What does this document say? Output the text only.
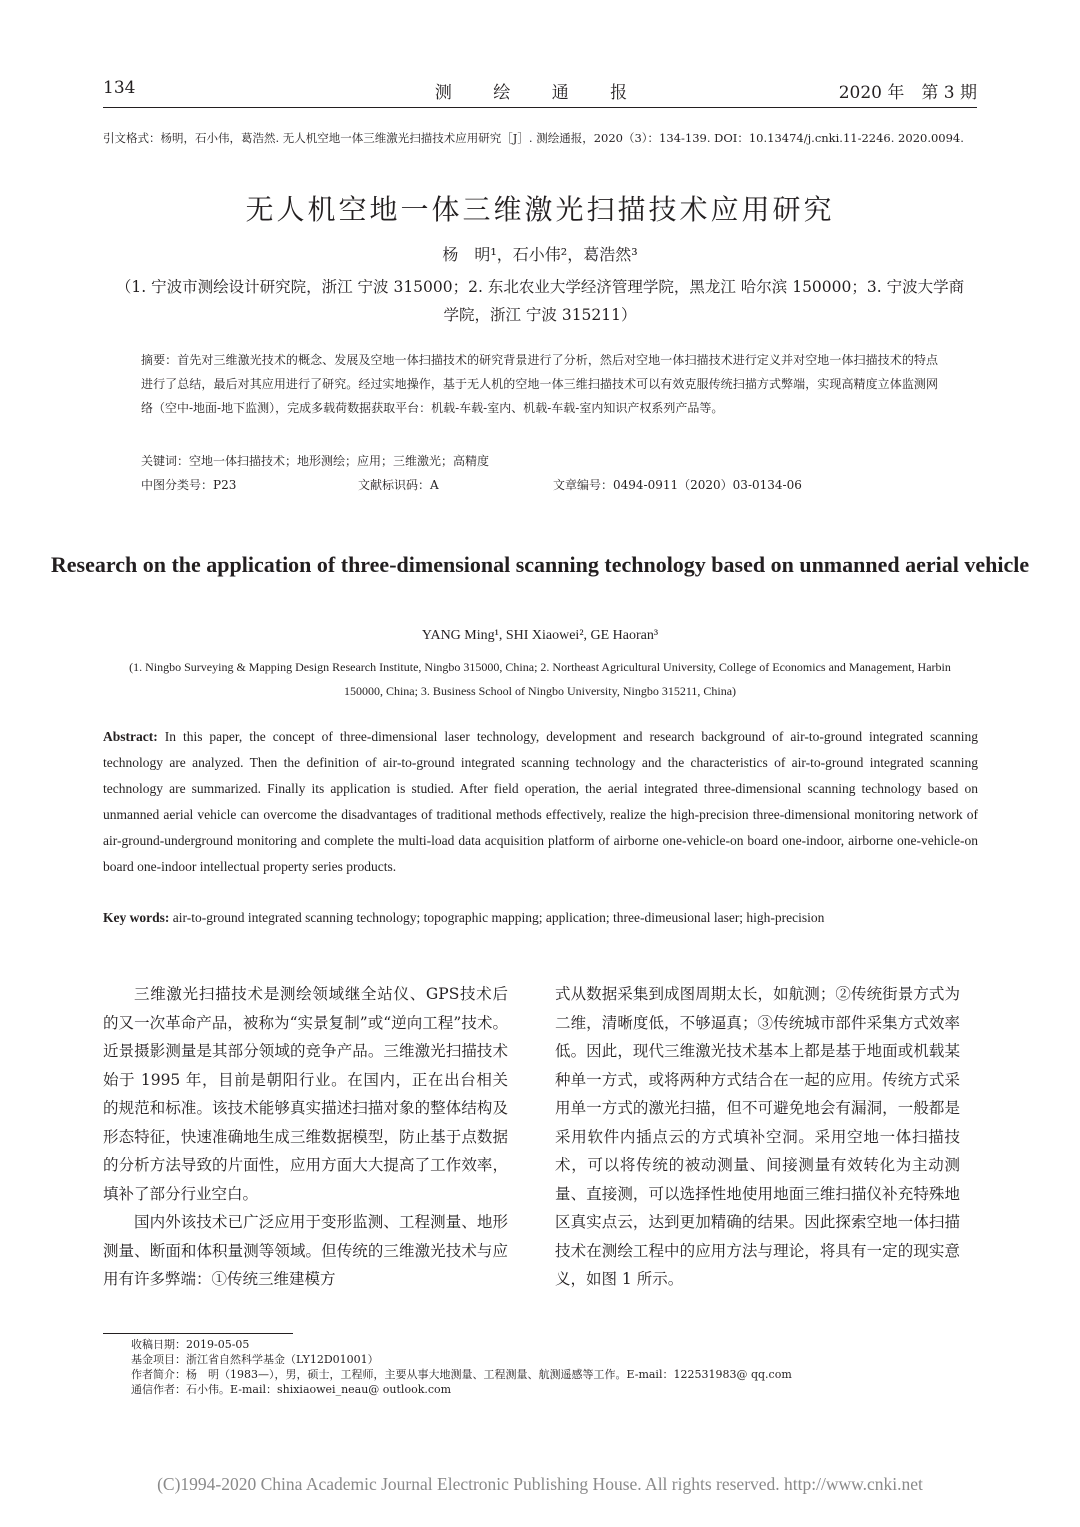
134	测 绘 通 报	2020 年　第 3 期
引文格式：杨明，石小伟，葛浩然. 无人机空地一体三维激光扫描技术应用研究［J］. 测绘通报，2020（3）：134-139. DOI：10.13474/j.cnki.11-2246. 2020.0094.
无人机空地一体三维激光扫描技术应用研究
杨　明¹，石小伟²，葛浩然³
（1. 宁波市测绘设计研究院，浙江 宁波 315000；2. 东北农业大学经济管理学院，黑龙江 哈尔滨 150000；3. 宁波大学商学院，浙江 宁波 315211）
摘要：首先对三维激光技术的概念、发展及空地一体扫描技术的研究背景进行了分析，然后对空地一体扫描技术进行定义并对空地一体扫描技术的特点进行了总结，最后对其应用进行了研究。经过实地操作，基于无人机的空地一体三维扫描技术可以有效克服传统扫描方式弊端，实现高精度立体监测网络（空中-地面-地下监测），完成多载荷数据获取平台：机载-车载-室内、机载-车载-室内知识产权系列产品等。
关键词：空地一体扫描技术；地形测绘；应用；三维激光；高精度
中图分类号：P23	文献标识码：A	文章编号：0494-0911（2020）03-0134-06
Research on the application of three-dimensional scanning technology based on unmanned aerial vehicle
YANG Ming¹, SHI Xiaowei², GE Haoran³
(1. Ningbo Surveying & Mapping Design Research Institute, Ningbo 315000, China; 2. Northeast Agricultural University, College of Economics and Management, Harbin 150000, China; 3. Business School of Ningbo University, Ningbo 315211, China)
Abstract: In this paper, the concept of three-dimensional laser technology, development and research background of air-to-ground integrated scanning technology are analyzed. Then the definition of air-to-ground integrated scanning technology and the characteristics of air-to-ground integrated scanning technology are summarized. Finally its application is studied. After field operation, the aerial integrated three-dimensional scanning technology based on unmanned aerial vehicle can overcome the disadvantages of traditional methods effectively, realize the high-precision three-dimensional monitoring network of air-ground-underground monitoring and complete the multi-load data acquisition platform of airborne one-vehicle-on board one-indoor, airborne one-vehicle-on board one-indoor intellectual property series products.
Key words: air-to-ground integrated scanning technology; topographic mapping; application; three-dimeusional laser; high-precision

三维激光扫描技术是测绘领域继全站仪、GPS技术后的又一次革命产品，被称为“实景复制”或“逆向工程”技术。近景摄影测量是其部分领域的竞争产品。三维激光扫描技术始于 1995 年，目前是朝阳行业。在国内，正在出台相关的规范和标准。该技术能够真实描述扫描对象的整体结构及形态特征，快速准确地生成三维数据模型，防止基于点数据的分析方法导致的片面性，应用方面大大提高了工作效率，填补了部分行业空白。

国内外该技术已广泛应用于变形监测、工程测量、地形测量、断面和体积量测等领域。但传统的三维激光技术与应用有许多弊端：①传统三维建模方

式从数据采集到成图周期太长，如航测；②传统街景方式为二维，清晰度低，不够逼真；③传统城市部件采集方式效率低。因此，现代三维激光技术基本上都是基于地面或机载某种单一方式，或将两种方式结合在一起的应用。传统方式采用单一方式的激光扫描，但不可避免地会有漏洞，一般都是采用软件内插点云的方式填补空洞。采用空地一体扫描技术，可以将传统的被动测量、间接测量有效转化为主动测量、直接测，可以选择性地使用地面三维扫描仪补充特殊地区真实点云，达到更加精确的结果。因此探索空地一体扫描技术在测绘工程中的应用方法与理论，将具有一定的现实意义，如图 1 所示。

收稿日期：2019-05-05
基金项目：浙江省自然科学基金（LY12D01001）
作者简介：杨　明（1983—），男，硕士，工程师，主要从事大地测量、工程测量、航测遥感等工作。E-mail：122531983@ qq.com
通信作者：石小伟。E-mail：shixiaowei_neau@ outlook.com
(C)1994-2020 China Academic Journal Electronic Publishing House. All rights reserved. http://www.cnki.net
